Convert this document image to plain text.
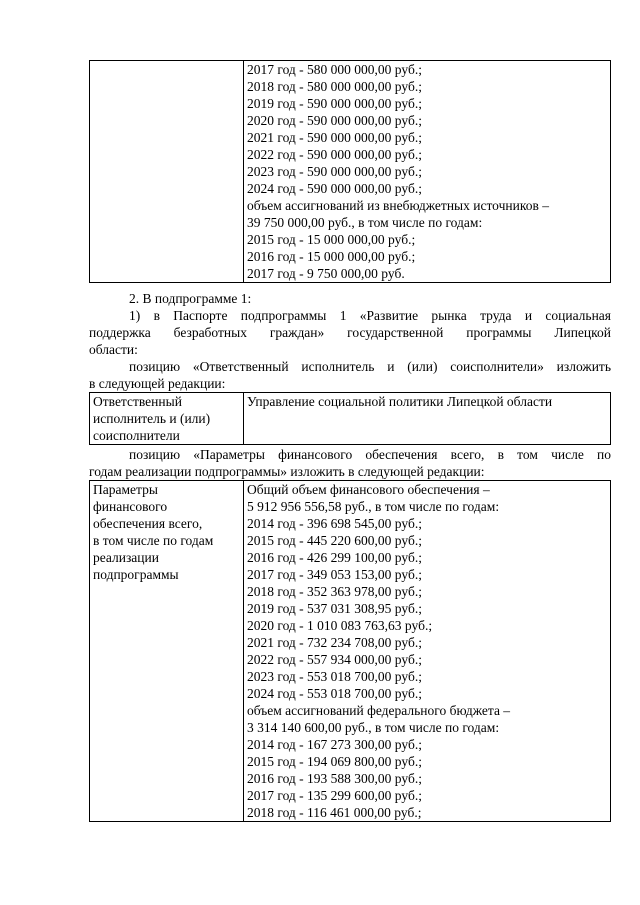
2017 год - 580 000 000,00 руб.;
2018 год - 580 000 000,00 руб.;
2019 год - 590 000 000,00 руб.;
2020 год - 590 000 000,00 руб.;
2021 год - 590 000 000,00 руб.;
2022 год - 590 000 000,00 руб.;
2023 год - 590 000 000,00 руб.;
2024 год - 590 000 000,00 руб.;
объем ассигнований из внебюджетных источников –
39 750 000,00 руб., в том числе по годам:
2015 год - 15 000 000,00 руб.;
2016 год - 15 000 000,00 руб.;
2017 год - 9 750 000,00 руб.
2. В подпрограмме 1:
1) в Паспорте подпрограммы 1 «Развитие рынка труда и социальная
поддержка безработных граждан» государственной программы Липецкой
области:
позицию «Ответственный исполнитель и (или) соисполнители» изложить
в следующей редакции:
Ответственный
исполнитель и (или)
соисполнители

Управление социальной политики Липецкой области
позицию «Параметры финансового обеспечения всего, в том числе по
годам реализации подпрограммы» изложить в следующей редакции:
Параметры
финансового
обеспечения всего,
в том числе по годам
реализации
подпрограммы

Общий объем финансового обеспечения –
5 912 956 556,58 руб., в том числе по годам:
2014 год - 396 698 545,00 руб.;
2015 год - 445 220 600,00 руб.;
2016 год - 426 299 100,00 руб.;
2017 год - 349 053 153,00 руб.;
2018 год - 352 363 978,00 руб.;
2019 год - 537 031 308,95 руб.;
2020 год - 1 010 083 763,63 руб.;
2021 год - 732 234 708,00 руб.;
2022 год - 557 934 000,00 руб.;
2023 год - 553 018 700,00 руб.;
2024 год - 553 018 700,00 руб.;
объем ассигнований федерального бюджета –
3 314 140 600,00 руб., в том числе по годам:
2014 год - 167 273 300,00 руб.;
2015 год - 194 069 800,00 руб.;
2016 год - 193 588 300,00 руб.;
2017 год - 135 299 600,00 руб.;
2018 год - 116 461 000,00 руб.;
